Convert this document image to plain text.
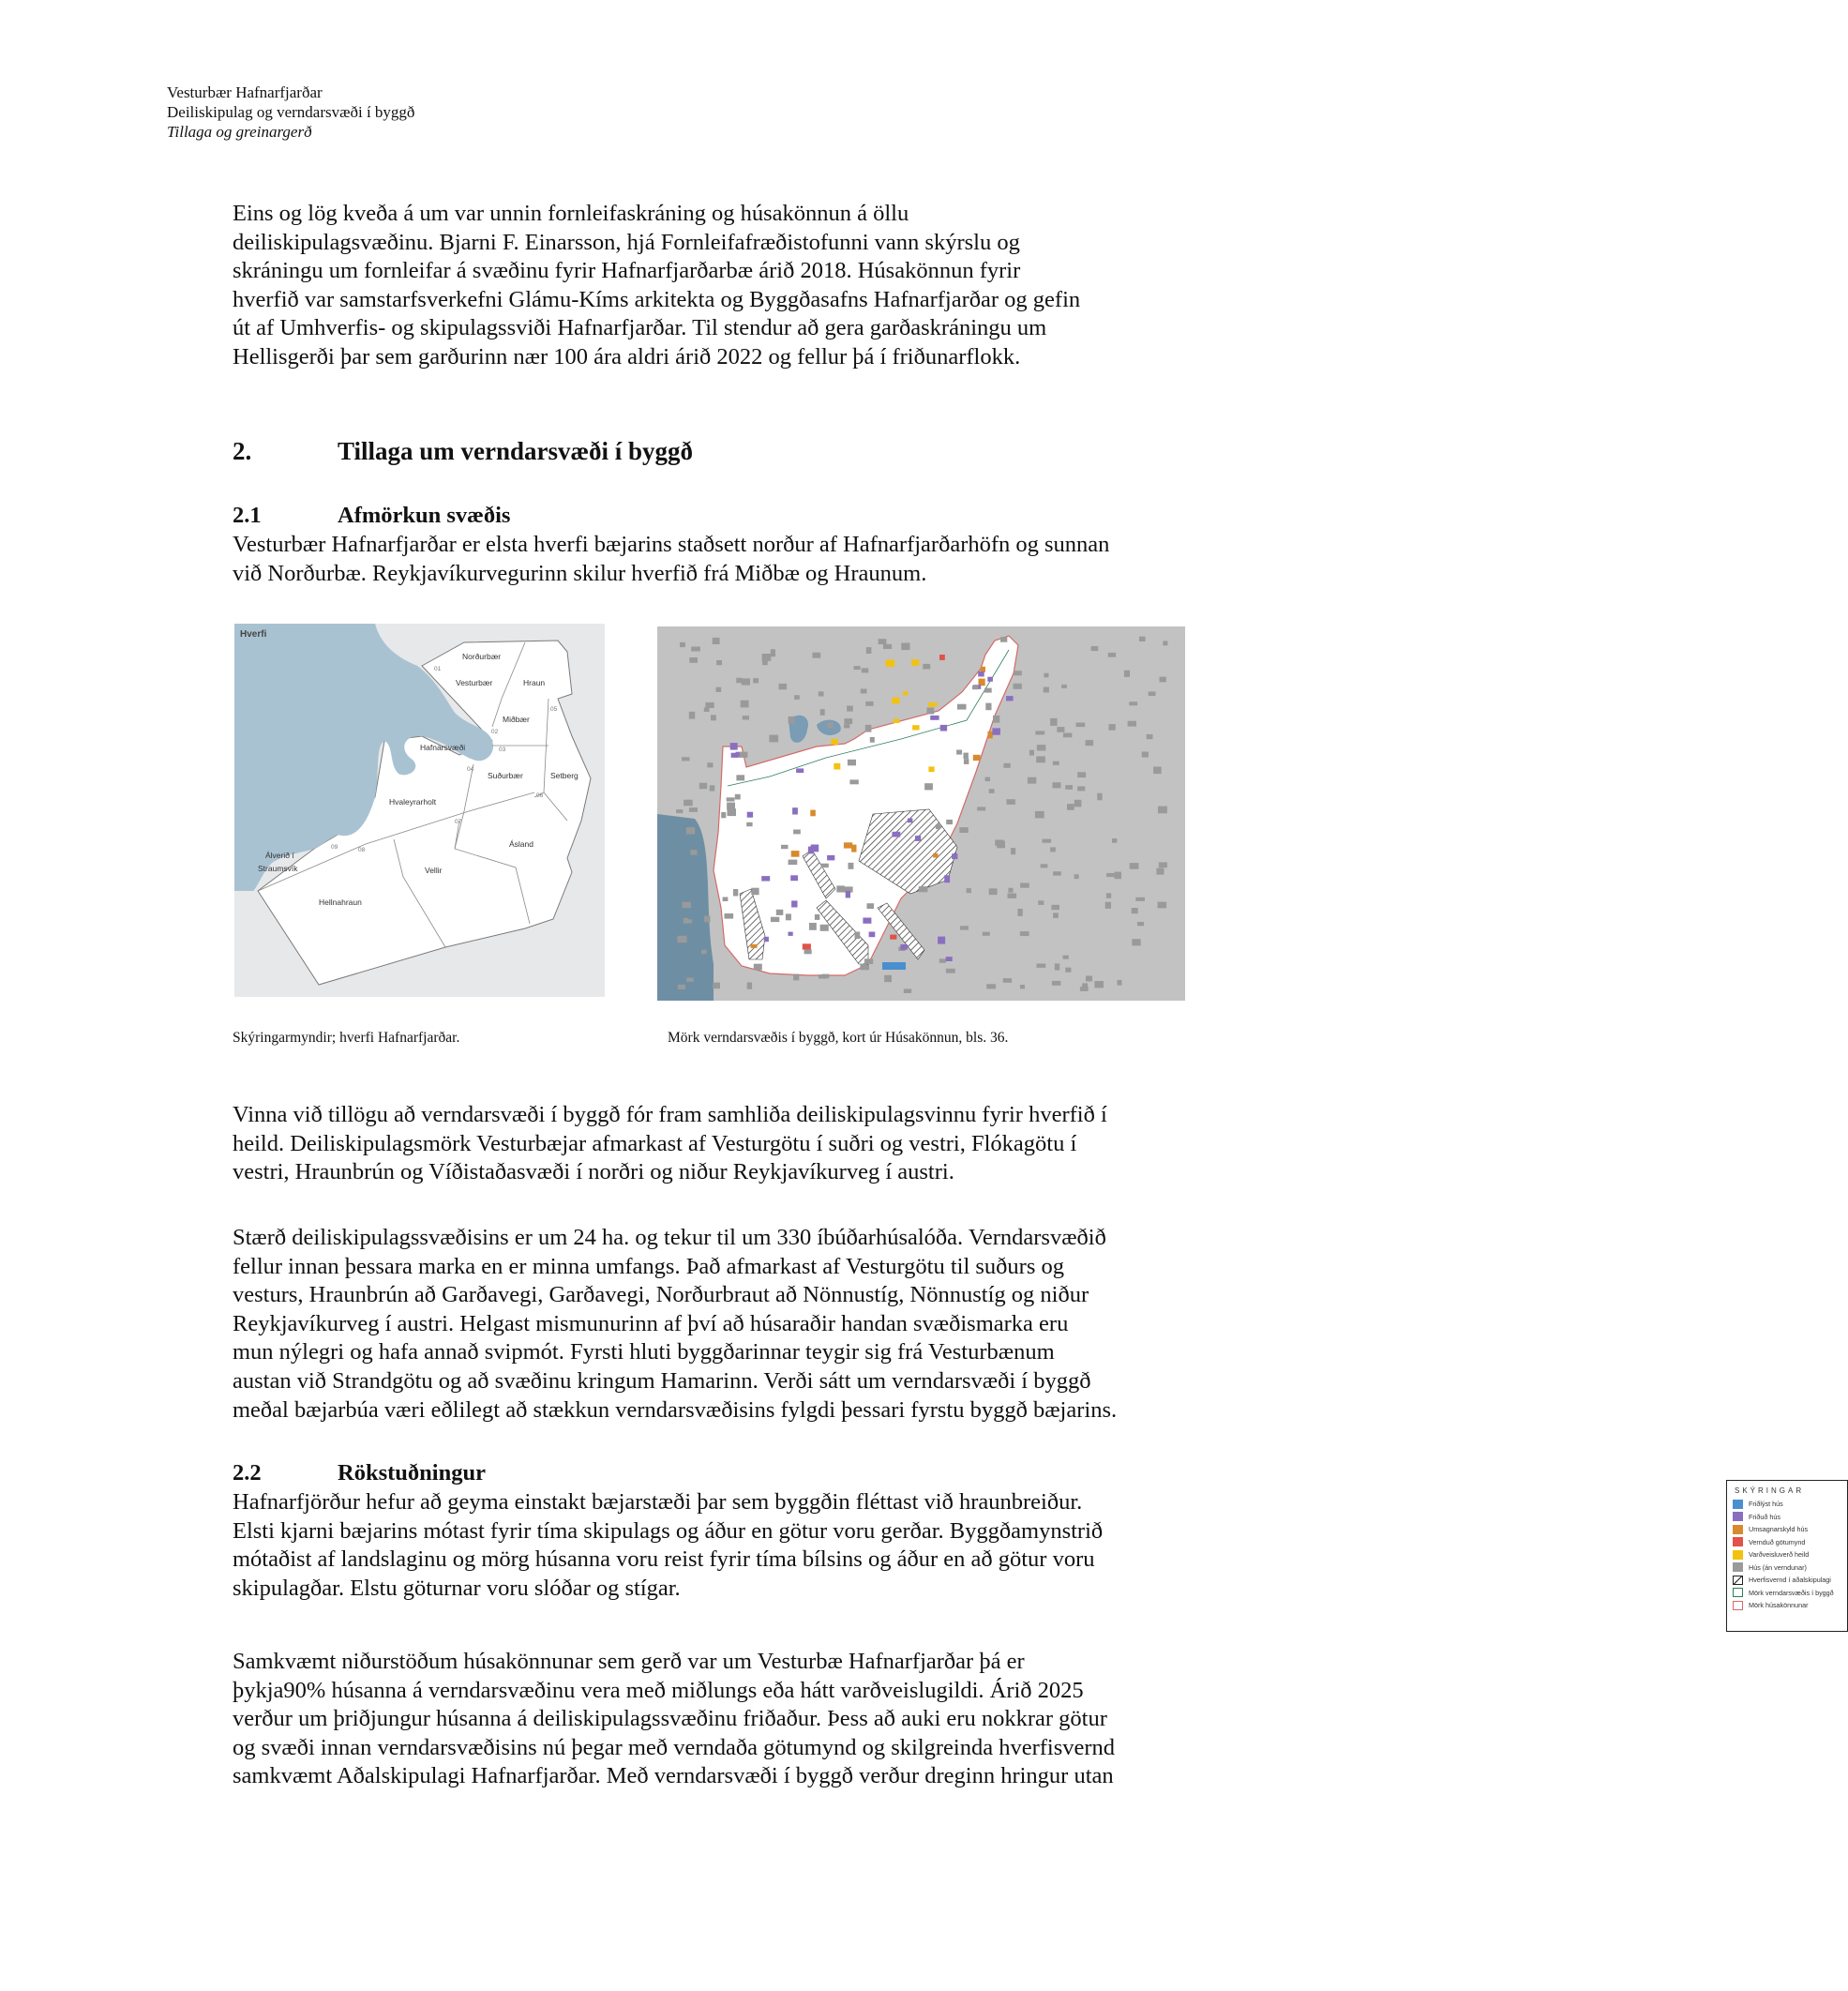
Vesturbær Hafnarfjarðar
Deiliskipulag og verndarsvæði í byggð
Tillaga og greinargerð
Eins og lög kveða á um var unnin fornleifaskráning og húsakönnun á öllu
deiliskipulagsvæðinu. Bjarni F. Einarsson, hjá Fornleifafræðistofunni vann skýrslu og
skráningu um fornleifar á svæðinu fyrir Hafnarfjarðarbæ árið 2018. Húsakönnun fyrir
hverfið var samstarfsverkefni Glámu-Kíms arkitekta og Byggðasafns Hafnarfjarðar og gefin
út af Umhverfis- og skipulagssviði Hafnarfjarðar. Til stendur að gera garðaskráningu um
Hellisgerði þar sem garðurinn nær 100 ára aldri árið 2022 og fellur þá í friðunarflokk.
2.	Tillaga um verndarsvæði í byggð
2.1	Afmörkun svæðis
Vesturbær Hafnarfjarðar er elsta hverfi bæjarins staðsett norður af Hafnarfjarðarhöfn og sunnan
við Norðurbæ. Reykjavíkurvegurinn skilur hverfið frá Miðbæ og Hraunum.
Hverfi
Norðurbær
Vesturbær	Hraun
Miðbær
Hafnarsvæði
Suðurbær	Setberg
Hvaleyrarholt
Ásland
Álverið í
Straumsvík	Vellir
Hellnahraun
01
02
03
04
05
06
07
08
09
SKÝRINGAR
Friðlýst hús
Friðuð hús
Umsagnarskyld hús
Vernduð götumynd
Varðveisluverð heild
Hús (án verndunar)
Hverfisvernd í aðalskipulagi
Mörk verndarsvæðis í byggð
Mörk húsakönnunar
Skýringarmyndir; hverfi Hafnarfjarðar.	Mörk verndarsvæðis í byggð, kort úr Húsakönnun, bls. 36.
Vinna við tillögu að verndarsvæði í byggð fór fram samhliða deiliskipulagsvinnu fyrir hverfið í
heild. Deiliskipulagsmörk Vesturbæjar afmarkast af Vesturgötu í suðri og vestri, Flókagötu í
vestri, Hraunbrún og Víðistaðasvæði í norðri og niður Reykjavíkurveg í austri.
Stærð deiliskipulagssvæðisins er um 24 ha. og tekur til um 330 íbúðarhúsalóða. Verndarsvæðið
fellur innan þessara marka en er minna umfangs. Það afmarkast af Vesturgötu til suðurs og
vesturs, Hraunbrún að Garðavegi, Garðavegi, Norðurbraut að Nönnustíg, Nönnustíg og niður
Reykjavíkurveg í austri. Helgast mismunurinn af því að húsaraðir handan svæðismarka eru
mun nýlegri og hafa annað svipmót. Fyrsti hluti byggðarinnar teygir sig frá Vesturbænum
austan við Strandgötu og að svæðinu kringum Hamarinn. Verði sátt um verndarsvæði í byggð
meðal bæjarbúa væri eðlilegt að stækkun verndarsvæðisins fylgdi þessari fyrstu byggð bæjarins.
2.2	Rökstuðningur
Hafnarfjörður hefur að geyma einstakt bæjarstæði þar sem byggðin fléttast við hraunbreiður.
Elsti kjarni bæjarins mótast fyrir tíma skipulags og áður en götur voru gerðar. Byggðamynstrið
mótaðist af landslaginu og mörg húsanna voru reist fyrir tíma bílsins og áður en að götur voru
skipulagðar. Elstu göturnar voru slóðar og stígar.
Samkvæmt niðurstöðum húsakönnunar sem gerð var um Vesturbæ Hafnarfjarðar þá er
þykja90% húsanna á verndarsvæðinu vera með miðlungs eða hátt varðveislugildi. Árið 2025
verður um þriðjungur húsanna á deiliskipulagssvæðinu friðaður. Þess að auki eru nokkrar götur
og svæði innan verndarsvæðisins nú þegar með verndaða götumynd og skilgreinda hverfisvernd
samkvæmt Aðalskipulagi Hafnarfjarðar. Með verndarsvæði í byggð verður dreginn hringur utan
